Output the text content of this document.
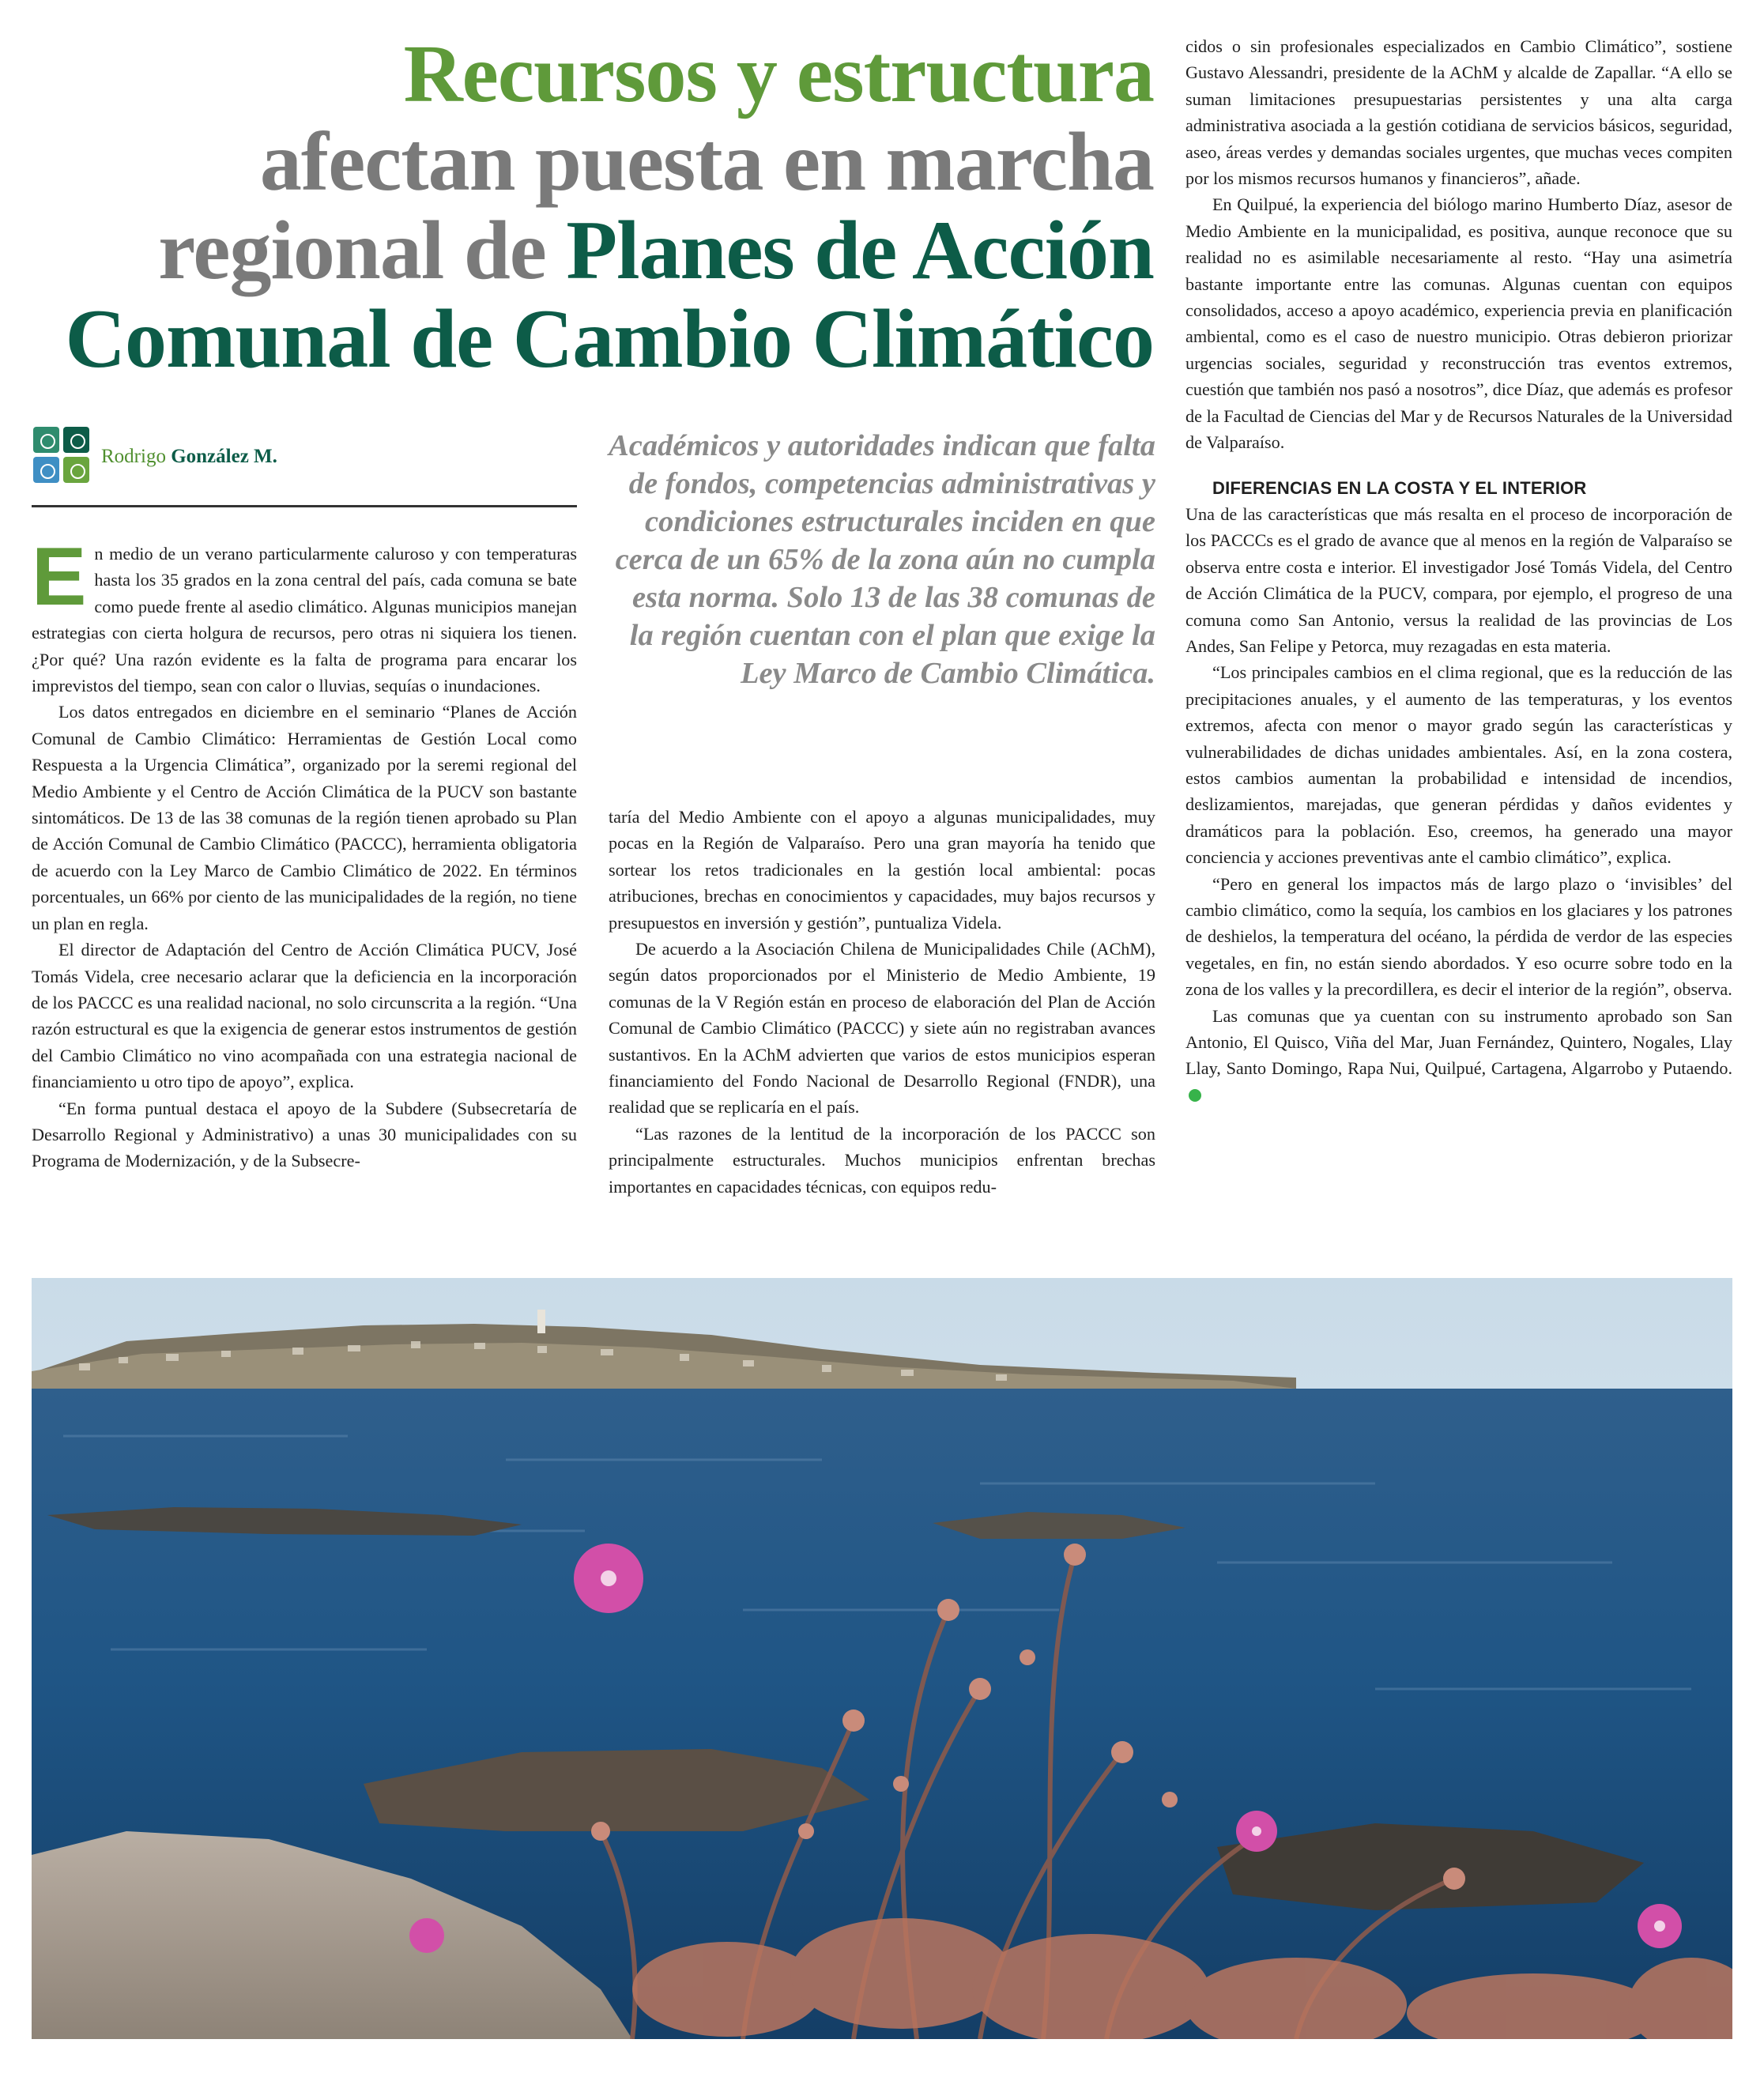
Recursos y estructura
afectan puesta en marcha
regional de Planes de Acción
Comunal de Cambio Climático
Rodrigo González M.	Académicos y autoridades indican que falta de fondos, competencias administrativas y condiciones estructurales inciden en que cerca de un 65% de la zona aún no cumpla esta norma. Solo 13 de las 38 comunas de la región cuentan con el plan que exige la Ley Marco de Cambio Climática.

En medio de un verano particularmente caluroso y con temperaturas hasta los 35 grados en la zona central del país, cada comuna se bate como puede frente al asedio climático. Algunas municipios manejan estrategias con cierta holgura de recursos, pero otras ni siquiera los tienen. ¿Por qué? Una razón evidente es la falta de programa para encarar los imprevistos del tiempo, sean con calor o lluvias, sequías o inundaciones.

Los datos entregados en diciembre en el seminario “Planes de Acción Comunal de Cambio Climático: Herramientas de Gestión Local como Respuesta a la Urgencia Climática”, organizado por la seremi regional del Medio Ambiente y el Centro de Acción Climática de la PUCV son bastante sintomáticos. De 13 de las 38 comunas de la región tienen aprobado su Plan de Acción Comunal de Cambio Climático (PACCC), herramienta obligatoria de acuerdo con la Ley Marco de Cambio Climático de 2022. En términos porcentuales, un 66% por ciento de las municipalidades de la región, no tiene un plan en regla.

El director de Adaptación del Centro de Acción Climática PUCV, José Tomás Videla, cree necesario aclarar que la deficiencia en la incorporación de los PACCC es una realidad nacional, no solo circunscrita a la región. “Una razón estructural es que la exigencia de generar estos instrumentos de gestión del Cambio Climático no vino acompañada con una estrategia nacional de financiamiento u otro tipo de apoyo”, explica.

“En forma puntual destaca el apoyo de la Subdere (Subsecretaría de Desarrollo Regional y Administrativo) a unas 30 municipalidades con su Programa de Modernización, y de la Subsecre-

taría del Medio Ambiente con el apoyo a algunas municipalidades, muy pocas en la Región de Valparaíso. Pero una gran mayoría ha tenido que sortear los retos tradicionales en la gestión local ambiental: pocas atribuciones, brechas en conocimientos y capacidades, muy bajos recursos y presupuestos en inversión y gestión”, puntualiza Videla.

De acuerdo a la Asociación Chilena de Municipalidades Chile (AChM), según datos proporcionados por el Ministerio de Medio Ambiente, 19 comunas de la V Región están en proceso de elaboración del Plan de Acción Comunal de Cambio Climático (PACCC) y siete aún no registraban avances sustantivos. En la AChM advierten que varios de estos municipios esperan financiamiento del Fondo Nacional de Desarrollo Regional (FNDR), una realidad que se replicaría en el país.

“Las razones de la lentitud de la incorporación de los PACCC son principalmente estructurales. Muchos municipios enfrentan brechas importantes en capacidades técnicas, con equipos redu-

cidos o sin profesionales especializados en Cambio Climático”, sostiene Gustavo Alessandri, presidente de la AChM y alcalde de Zapallar. “A ello se suman limitaciones presupuestarias persistentes y una alta carga administrativa asociada a la gestión cotidiana de servicios básicos, seguridad, aseo, áreas verdes y demandas sociales urgentes, que muchas veces compiten por los mismos recursos humanos y financieros”, añade.

En Quilpué, la experiencia del biólogo marino Humberto Díaz, asesor de Medio Ambiente en la municipalidad, es positiva, aunque reconoce que su realidad no es asimilable necesariamente al resto. “Hay una asimetría bastante importante entre las comunas. Algunas cuentan con equipos consolidados, acceso a apoyo académico, experiencia previa en planificación ambiental, como es el caso de nuestro municipio. Otras debieron priorizar urgencias sociales, seguridad y reconstrucción tras eventos extremos, cuestión que también nos pasó a nosotros”, dice Díaz, que además es profesor de la Facultad de Ciencias del Mar y de Recursos Naturales de la Universidad de Valparaíso.

DIFERENCIAS EN LA COSTA Y EL INTERIOR

Una de las características que más resalta en el proceso de incorporación de los PACCCs es el grado de avance que al menos en la región de Valparaíso se observa entre costa e interior. El investigador José Tomás Videla, del Centro de Acción Climática de la PUCV, compara, por ejemplo, el progreso de una comuna como San Antonio, versus la realidad de las provincias de Los Andes, San Felipe y Petorca, muy rezagadas en esta materia.

“Los principales cambios en el clima regional, que es la reducción de las precipitaciones anuales, y el aumento de las temperaturas, y los eventos extremos, afecta con menor o mayor grado según las características y vulnerabilidades de dichas unidades ambientales. Así, en la zona costera, estos cambios aumentan la probabilidad e intensidad de incendios, deslizamientos, marejadas, que generan pérdidas y daños evidentes y dramáticos para la población. Eso, creemos, ha generado una mayor conciencia y acciones preventivas ante el cambio climático”, explica.

“Pero en general los impactos más de largo plazo o ‘invisibles’ del cambio climático, como la sequía, los cambios en los glaciares y los patrones de deshielos, la temperatura del océano, la pérdida de verdor de las especies vegetales, en fin, no están siendo abordados. Y eso ocurre sobre todo en la zona de los valles y la precordillera, es decir el interior de la región”, observa.

Las comunas que ya cuentan con su instrumento aprobado son San Antonio, El Quisco, Viña del Mar, Juan Fernández, Quintero, Nogales, Llay Llay, Santo Domingo, Rapa Nui, Quilpué, Cartagena, Algarrobo y Putaendo.
